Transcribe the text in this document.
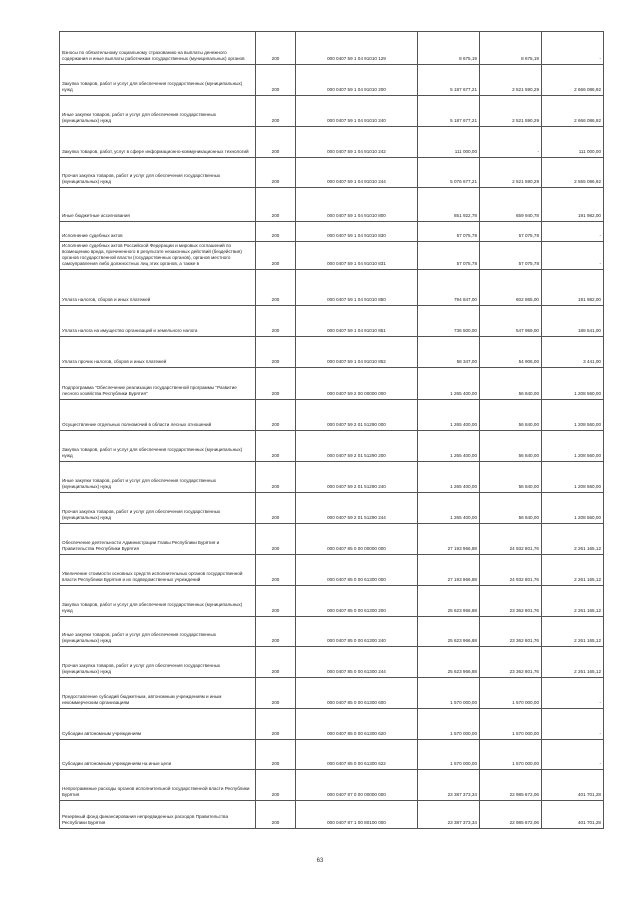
Взносы по обязательному социальному страхованию на выплаты денежного содержания и иные выплаты работникам государственных (муниципальных) органов	200	000 0407 59 1 04 91010 129	8 675,19	8 675,19	-

Закупка товаров, работ и услуг для обеспечения государственных (муниципальных) нужд	200	000 0407 59 1 04 91010 200	5 187 677,21	2 521 590,29	2 666 086,92

Иные закупки товаров, работ и услуг для обеспечения государственных (муниципальных) нужд	200	000 0407 59 1 04 91010 240	5 187 677,21	2 521 590,29	2 666 086,92

Закупка товаров, работ, услуг в сфере информационно-коммуникационных технологий	200	000 0407 59 1 04 91010 242	111 000,00	-	111 000,00

Прочая закупка товаров, работ и услуг для обеспечения государственных (муниципальных) нужд	200	000 0407 59 1 04 91010 244	5 076 677,21	2 521 590,29	2 555 086,92

Иные бюджетные ассигнования	200	000 0407 59 1 04 91010 800	851 922,78	659 940,78	191 982,00

Исполнение судебных актов	200	000 0407 59 1 04 91010 830	57 075,78	57 075,78	-

Исполнение судебных актов Российской Федерации и мировых соглашений по возмещению вреда, причиненного в результате незаконных действий (бездействия) органов государственной власти (государственных органов), органов местного самоуправления либо должностных лиц этих органов, а также в	200	000 0407 59 1 04 91010 831	57 075,78	57 075,78	-

Уплата налогов, сборов и иных платежей	200	000 0407 59 1 04 91010 850	794 847,00	602 865,00	191 982,00

Уплата налога на имущество организаций и земельного налога	200	000 0407 59 1 04 91010 851	736 500,00	547 959,00	188 541,00

Уплата прочих налогов, сборов и иных платежей	200	000 0407 59 1 04 91010 852	58 347,00	54 906,00	3 441,00

Подпрограмма "Обеспечение реализации государственной программы "Развитие лесного хозяйства Республики Бурятия"	200	000 0407 59 2 00 00000 000	1 265 400,00	56 840,00	1 208 560,00

Осуществление отдельных полномочий в области лесных отношений	200	000 0407 59 2 01 51290 000	1 265 400,00	56 840,00	1 208 560,00

Закупка товаров, работ и услуг для обеспечения государственных (муниципальных) нужд	200	000 0407 59 2 01 51290 200	1 265 400,00	56 840,00	1 208 560,00

Иные закупки товаров, работ и услуг для обеспечения государственных (муниципальных) нужд	200	000 0407 59 2 01 51290 240	1 265 400,00	56 840,00	1 208 560,00

Прочая закупка товаров, работ и услуг для обеспечения государственных (муниципальных) нужд	200	000 0407 59 2 01 51290 244	1 265 400,00	56 840,00	1 208 560,00

Обеспечение деятельности Администрации Главы Республики Бурятия и Правительства Республики Бурятия	200	000 0407 85 0 00 00000 000	27 193 966,88	24 932 801,76	2 261 165,12

Увеличение стоимости основных средств исполнительных органов государственной власти Республики Бурятия и их подведомственных учреждений	200	000 0407 85 0 00 61300 000	27 193 966,88	24 932 801,76	2 261 165,12

Закупка товаров, работ и услуг для обеспечения государственных (муниципальных) нужд	200	000 0407 85 0 00 61300 200	25 623 966,88	23 362 801,76	2 261 165,12

Иные закупки товаров, работ и услуг для обеспечения государственных (муниципальных) нужд	200	000 0407 85 0 00 61300 240	25 623 966,88	23 362 801,76	2 261 165,12

Прочая закупка товаров, работ и услуг для обеспечения государственных (муниципальных) нужд	200	000 0407 85 0 00 61300 244	25 623 966,88	23 362 801,76	2 261 165,12

Предоставление субсидий бюджетным, автономным учреждениям и иным некоммерческим организациям	200	000 0407 85 0 00 61300 600	1 570 000,00	1 570 000,00	-

Субсидии автономным учреждениям	200	000 0407 85 0 00 61300 620	1 570 000,00	1 570 000,00	-

Субсидии автономным учреждениям на иные цели	200	000 0407 85 0 00 61300 622	1 570 000,00	1 570 000,00	-

Непрограммные расходы органов исполнительной государственной власти Республики Бурятия	200	000 0407 87 0 00 00000 000	23 387 373,34	22 985 672,06	401 701,28

Резервный фонд финансирования непредвиденных расходов Правительства Республики Бурятия	200	000 0407 87 1 00 80100 000	23 387 373,34	22 985 672,06	401 701,28
63
